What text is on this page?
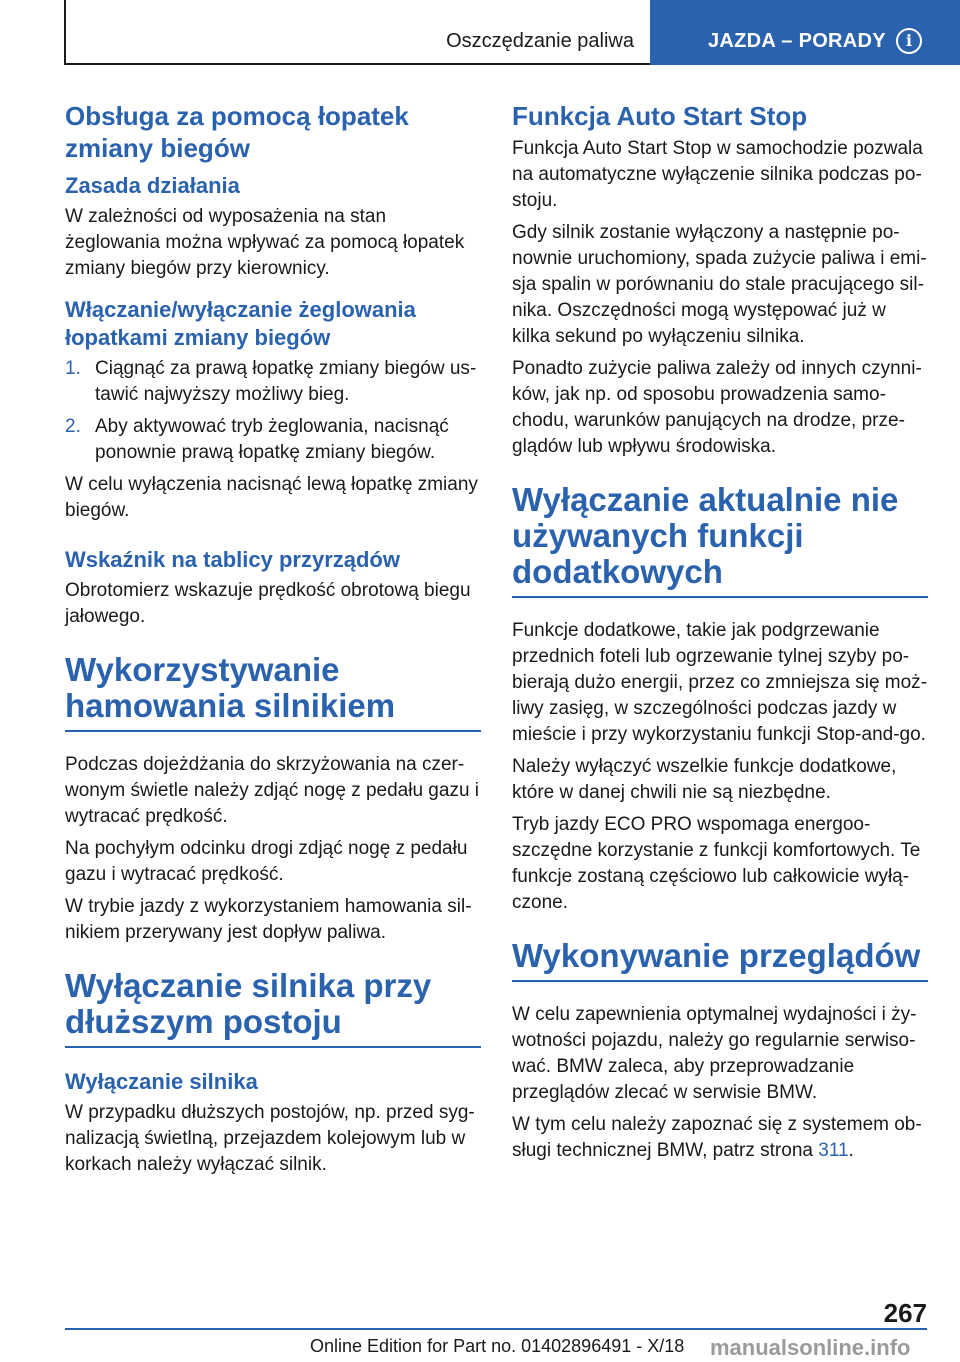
Oszczędzanie paliwa	JAZDA – PORADY	i
Obsługa za pomocą łopatek zmiany biegów
Zasada działania

W zależności od wyposażenia na stan żeglowania można wpływać za pomocą łopatek zmiany biegów przy kierownicy.

Włączanie/wyłączanie żeglowania łopatkami zmiany biegów
1. Ciągnąć za prawą łopatkę zmiany biegów ustawić najwyższy możliwy bieg.
2. Aby aktywować tryb żeglowania, nacisnąć ponownie prawą łopatkę zmiany biegów.

W celu wyłączenia nacisnąć lewą łopatkę zmiany biegów.

Wskaźnik na tablicy przyrządów

Obrotomierz wskazuje prędkość obrotową biegu jałowego.

Wykorzystywanie hamowania silnikiem

Podczas dojeżdżania do skrzyżowania na czerwonym świetle należy zdjąć nogę z pedału gazu i wytracać prędkość.

Na pochyłym odcinku drogi zdjąć nogę z pedału gazu i wytracać prędkość.

W trybie jazdy z wykorzystaniem hamowania silnikiem przerywany jest dopływ paliwa.

Wyłączanie silnika przy dłuższym postoju
Wyłączanie silnika

W przypadku dłuższych postojów, np. przed sygnalizacją świetlną, przejazdem kolejowym lub w korkach należy wyłączać silnik.

Funkcja Auto Start Stop

Funkcja Auto Start Stop w samochodzie pozwala na automatyczne wyłączenie silnika podczas postoju.

Gdy silnik zostanie wyłączony a następnie ponownie uruchomiony, spada zużycie paliwa i emisja spalin w porównaniu do stale pracującego silnika. Oszczędności mogą występować już w kilka sekund po wyłączeniu silnika.

Ponadto zużycie paliwa zależy od innych czynników, jak np. od sposobu prowadzenia samochodu, warunków panujących na drodze, przeglądów lub wpływu środowiska.

Wyłączanie aktualnie nie używanych funkcji dodatkowych

Funkcje dodatkowe, takie jak podgrzewanie przednich foteli lub ogrzewanie tylnej szyby pobierają dużo energii, przez co zmniejsza się możliwy zasięg, w szczególności podczas jazdy w mieście i przy wykorzystaniu funkcji Stop-and-go.

Należy wyłączyć wszelkie funkcje dodatkowe, które w danej chwili nie są niezbędne.

Tryb jazdy ECO PRO wspomaga energooszczędne korzystanie z funkcji komfortowych. Te funkcje zostaną częściowo lub całkowicie wyłączone.

Wykonywanie przeglądów

W celu zapewnienia optymalnej wydajności i żywotności pojazdu, należy go regularnie serwisować. BMW zaleca, aby przeprowadzanie przeglądów zlecać w serwisie BMW.

W tym celu należy zapoznać się z systemem obsługi technicznej BMW, patrz strona 311.

267
Online Edition for Part no. 01402896491 - X/18 manualsonline.info
